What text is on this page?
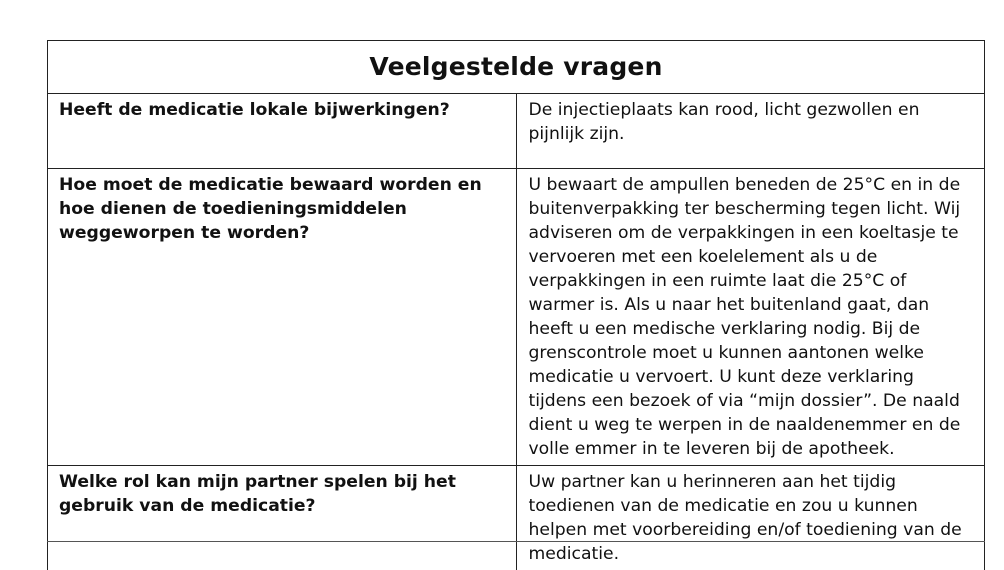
Veelgestelde vragen	
Heeft de medicatie lokale bijwerkingen?	De injectieplaats kan rood, licht gezwollen en pijnlijk zijn.
Hoe moet de medicatie bewaard worden en hoe dienen de toedieningsmiddelen weggeworpen te worden?	U bewaart de ampullen beneden de 25°C en in de buitenverpakking ter bescherming tegen licht. Wij adviseren om de verpakkingen in een koeltasje te vervoeren met een koelelement als u de verpakkingen in een ruimte laat die 25°C of warmer is. Als u naar het buitenland gaat, dan heeft u een medische verklaring nodig. Bij de grenscontrole moet u kunnen aantonen welke medicatie u vervoert. U kunt deze verklaring tijdens een bezoek of via “mijn dossier”. De naald dient u weg te werpen in de naaldenemmer en de volle emmer in te leveren bij de apotheek.
Welke rol kan mijn partner spelen bij het gebruik van de medicatie?	Uw partner kan u herinneren aan het tijdig toedienen van de medicatie en zou u kunnen helpen met voorbereiding en/of toediening van de medicatie.
